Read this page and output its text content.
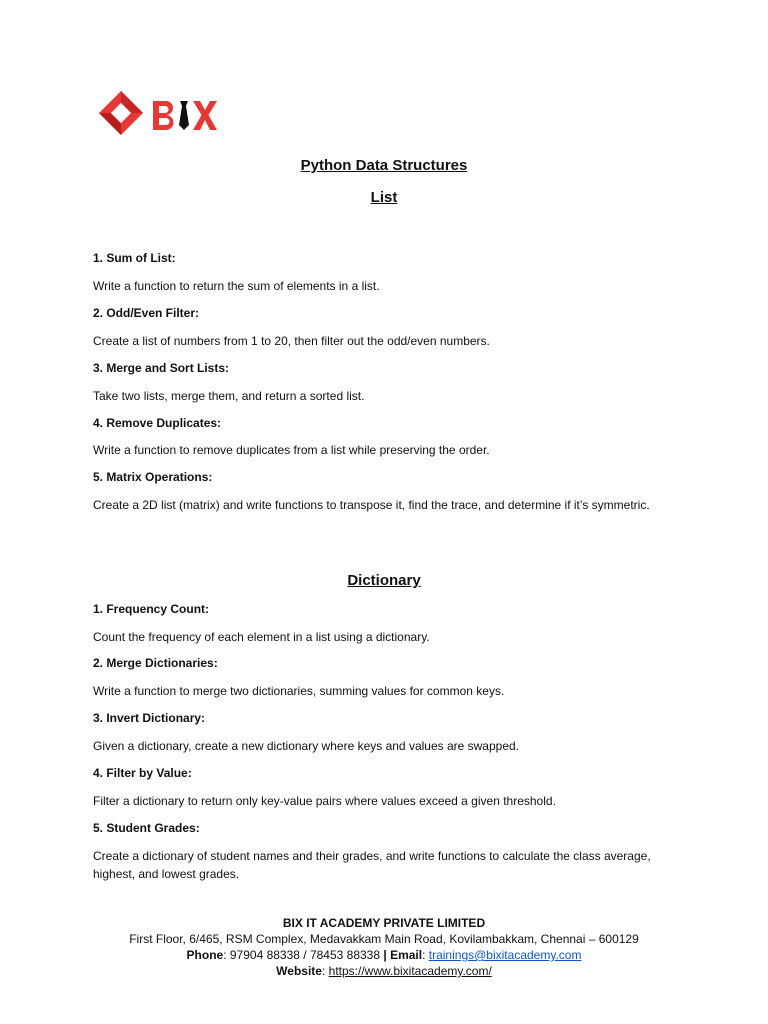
Python Data Structures
List
1. Sum of List:
Write a function to return the sum of elements in a list.
2. Odd/Even Filter:
Create a list of numbers from 1 to 20, then filter out the odd/even numbers.
3. Merge and Sort Lists:
Take two lists, merge them, and return a sorted list.
4. Remove Duplicates:
Write a function to remove duplicates from a list while preserving the order.
5. Matrix Operations:
Create a 2D list (matrix) and write functions to transpose it, find the trace, and determine if it’s symmetric.
Dictionary
1. Frequency Count:
Count the frequency of each element in a list using a dictionary.
2. Merge Dictionaries:
Write a function to merge two dictionaries, summing values for common keys.
3. Invert Dictionary:
Given a dictionary, create a new dictionary where keys and values are swapped.
4. Filter by Value:
Filter a dictionary to return only key-value pairs where values exceed a given threshold.
5. Student Grades:
Create a dictionary of student names and their grades, and write functions to calculate the class average, highest, and lowest grades.
BIX IT ACADEMY PRIVATE LIMITED
First Floor, 6/465, RSM Complex, Medavakkam Main Road, Kovilambakkam, Chennai – 600129
Phone: 97904 88338 / 78453 88338 | Email: trainings@bixitacademy.com
Website: https://www.bixitacademy.com/
